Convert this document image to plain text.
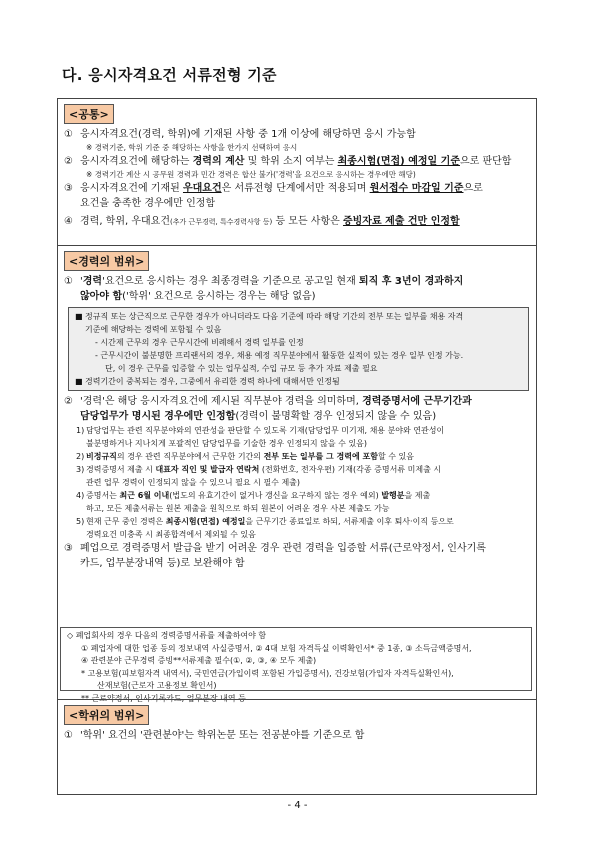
다. 응시자격요건 서류전형 기준
<공통>
① 응시자격요건(경력, 학위)에 기재된 사항 중 1개 이상에 해당하면 응시 가능함
※ 경력기준, 학위 기준 중 해당하는 사항을 한가지 선택하여 응시
② 응시자격요건에 해당하는 경력의 계산 및 학위 소지 여부는 최종시험(면접) 예정일 기준으로 판단함
※ 경력기간 계산 시 공무원 경력과 민간 경력은 합산 불가('경력'을 요건으로 응시하는 경우에만 해당)
③ 응시자격요건에 기재된 우대요건은 서류전형 단계에서만 적용되며 원서접수 마감일 기준으로
요건을 충족한 경우에만 인정함
④ 경력, 학위, 우대요건(추가 근무경력, 특수경력사항 등) 등 모든 사항은 증빙자료 제출 건만 인정함
<경력의 범위>
① '경력'요건으로 응시하는 경우 최종경력을 기준으로 공고일 현재 퇴직 후 3년이 경과하지
않아야 함('학위' 요건으로 응시하는 경우는 해당 없음)
■ 정규직 또는 상근직으로 근무한 경우가 아니더라도 다음 기준에 따라 해당 기간의 전부 또는 일부를 채용 자격
기준에 해당하는 경력에 포함될 수 있음
- 시간제 근무의 경우 근무시간에 비례해서 경력 일부를 인정
- 근무시간이 불분명한 프리랜서의 경우, 채용 예정 직무분야에서 활동한 실적이 있는 경우 일부 인정 가능.
단, 이 경우 근무를 입증할 수 있는 업무실적, 수입 규모 등 추가 자료 제출 필요
■ 경력기간이 중복되는 경우, 그중에서 유리한 경력 하나에 대해서만 인정됨
② '경력'은 해당 응시자격요건에 제시된 직무분야 경력을 의미하며, 경력증명서에 근무기간과
담당업무가 명시된 경우에만 인정함(경력이 불명확할 경우 인정되지 않을 수 있음)
1) 담당업무는 관련 직무분야와의 연관성을 판단할 수 있도록 기재(담당업무 미기재, 채용 분야와 연관성이
불분명하거나 지나치게 포괄적인 담당업무를 기술한 경우 인정되지 않을 수 있음)
2) 비정규직의 경우 관련 직무분야에서 근무한 기간의 전부 또는 일부를 그 경력에 포함할 수 있음
3) 경력증명서 제출 시 대표자 직인 및 발급자 연락처 (전화번호, 전자우편) 기재(각종 증명서류 미제출 시
관련 업무 경력이 인정되지 않을 수 있으니 필요 시 필수 제출)
4) 증명서는 최근 6월 이내(법도의 유효기간이 없거나 갱신을 요구하지 않는 경우 예외) 발행분을 제출
하고, 모든 제출서류는 원본 제출을 원칙으로 하되 원본이 어려운 경우 사본 제출도 가능
5) 현재 근무 중인 경력은 최종시험(면접) 예정일을 근무기간 종료일로 하되, 서류제출 이후 퇴사‧이직 등으로
경력요건 미충족 시 최종합격에서 제외될 수 있음
③ 폐업으로 경력증명서 발급을 받기 어려운 경우 관련 경력을 입증할 서류(근로약정서, 인사기록
카드, 업무분장내역 등)로 보완해야 함
◇ 폐업회사의 경우 다음의 경력증명서류를 제출하여야 함
① 폐업자에 대한 업종 등의 정보내역 사실증명서, ② 4대 보험 자격득실 이력확인서* 중 1종, ③ 소득금액증명서,
④ 관련분야 근무경력 증빙**서류제출 필수(①, ②, ③, ④ 모두 제출)
* 고용보험(피보험자격 내역서), 국민연금(가입이력 포함된 가입증명서), 건강보험(가입자 자격득실확인서),
산재보험(근로자 고용정보 확인서)
** 근로약정서, 인사기록카드, 업무분장 내역 등
<학위의 범위>
① '학위' 요건의 '관련분야'는 학위논문 또는 전공분야를 기준으로 함
- 4 -
